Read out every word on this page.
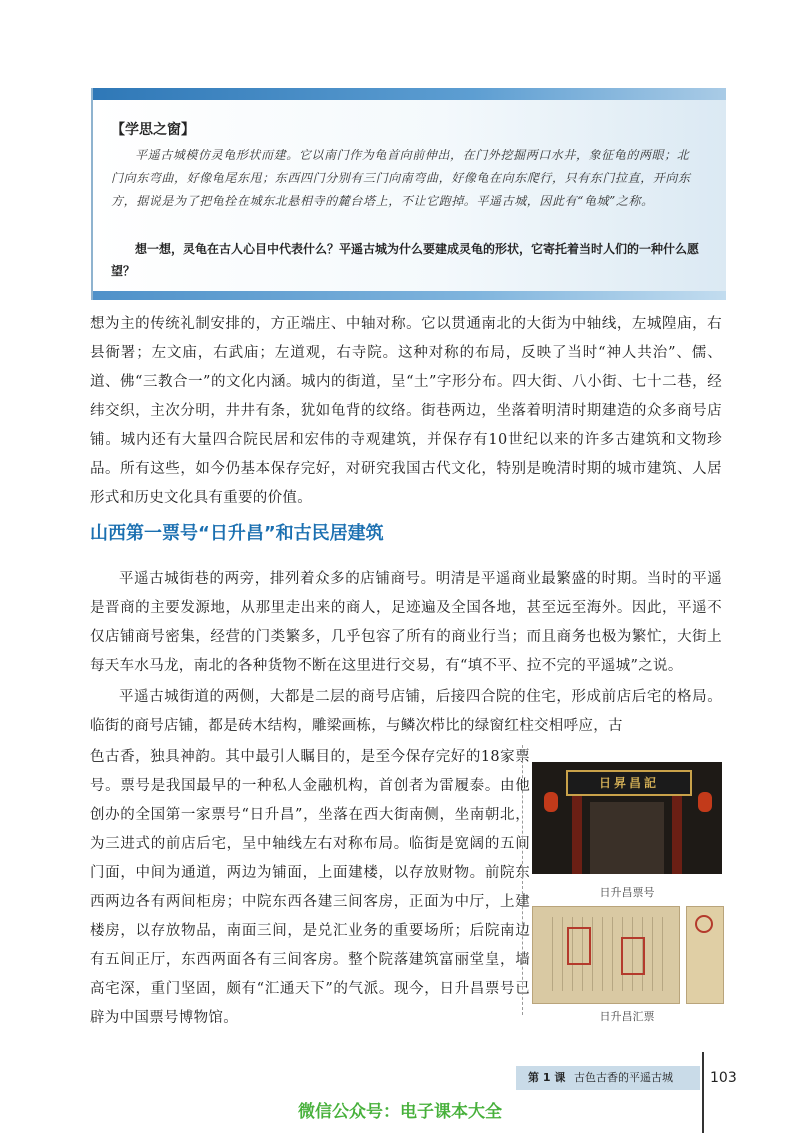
【学思之窗】

平遥古城模仿灵龟形状而建。它以南门作为龟首向前伸出，在门外挖掘两口水井，象征龟的两眼；北门向东弯曲，好像龟尾东甩；东西四门分别有三门向南弯曲，好像龟在向东爬行，只有东门拉直，开向东方，据说是为了把龟拴在城东北悬相寺的麓台塔上，不让它跑掉。平遥古城，因此有“龟城”之称。

想一想，灵龟在古人心目中代表什么？平遥古城为什么要建成灵龟的形状，它寄托着当时人们的一种什么愿望？

想为主的传统礼制安排的，方正端庄、中轴对称。它以贯通南北的大街为中轴线，左城隍庙，右县衙署；左文庙，右武庙；左道观，右寺院。这种对称的布局，反映了当时“神人共治”、儒、道、佛“三教合一”的文化内涵。城内的街道，呈“土”字形分布。四大街、八小街、七十二巷，经纬交织，主次分明，井井有条，犹如龟背的纹络。街巷两边，坐落着明清时期建造的众多商号店铺。城内还有大量四合院民居和宏伟的寺观建筑，并保存有10世纪以来的许多古建筑和文物珍品。所有这些，如今仍基本保存完好，对研究我国古代文化，特别是晚清时期的城市建筑、人居形式和历史文化具有重要的价值。

山西第一票号“日升昌”和古民居建筑

平遥古城街巷的两旁，排列着众多的店铺商号。明清是平遥商业最繁盛的时期。当时的平遥是晋商的主要发源地，从那里走出来的商人，足迹遍及全国各地，甚至远至海外。因此，平遥不仅店铺商号密集，经营的门类繁多，几乎包容了所有的商业行当；而且商务也极为繁忙，大街上每天车水马龙，南北的各种货物不断在这里进行交易，有“填不平、拉不完的平遥城”之说。

平遥古城街道的两侧，大都是二层的商号店铺，后接四合院的住宅，形成前店后宅的格局。临街的商号店铺，都是砖木结构，雕梁画栋，与鳞次栉比的绿窗红柱交相呼应，古

色古香，独具神韵。其中最引人瞩目的，是至今保存完好的18家票号。票号是我国最早的一种私人金融机构，首创者为雷履泰。由他创办的全国第一家票号“日升昌”，坐落在西大街南侧，坐南朝北，为三进式的前店后宅，呈中轴线左右对称布局。临街是宽阔的五间门面，中间为通道，两边为铺面，上面建楼，以存放财物。前院东西两边各有两间柜房；中院东西各建三间客房，正面为中厅，上建楼房，以存放物品，南面三间，是兑汇业务的重要场所；后院南边有五间正厅，东西两面各有三间客房。整个院落建筑富丽堂皇，墙高宅深，重门坚固，颇有“汇通天下”的气派。现今，日升昌票号已辟为中国票号博物馆。

日昇昌記

日升昌票号

日升昌汇票

第 1 课 古色古香的平遥古城	103
微信公众号：电子课本大全
